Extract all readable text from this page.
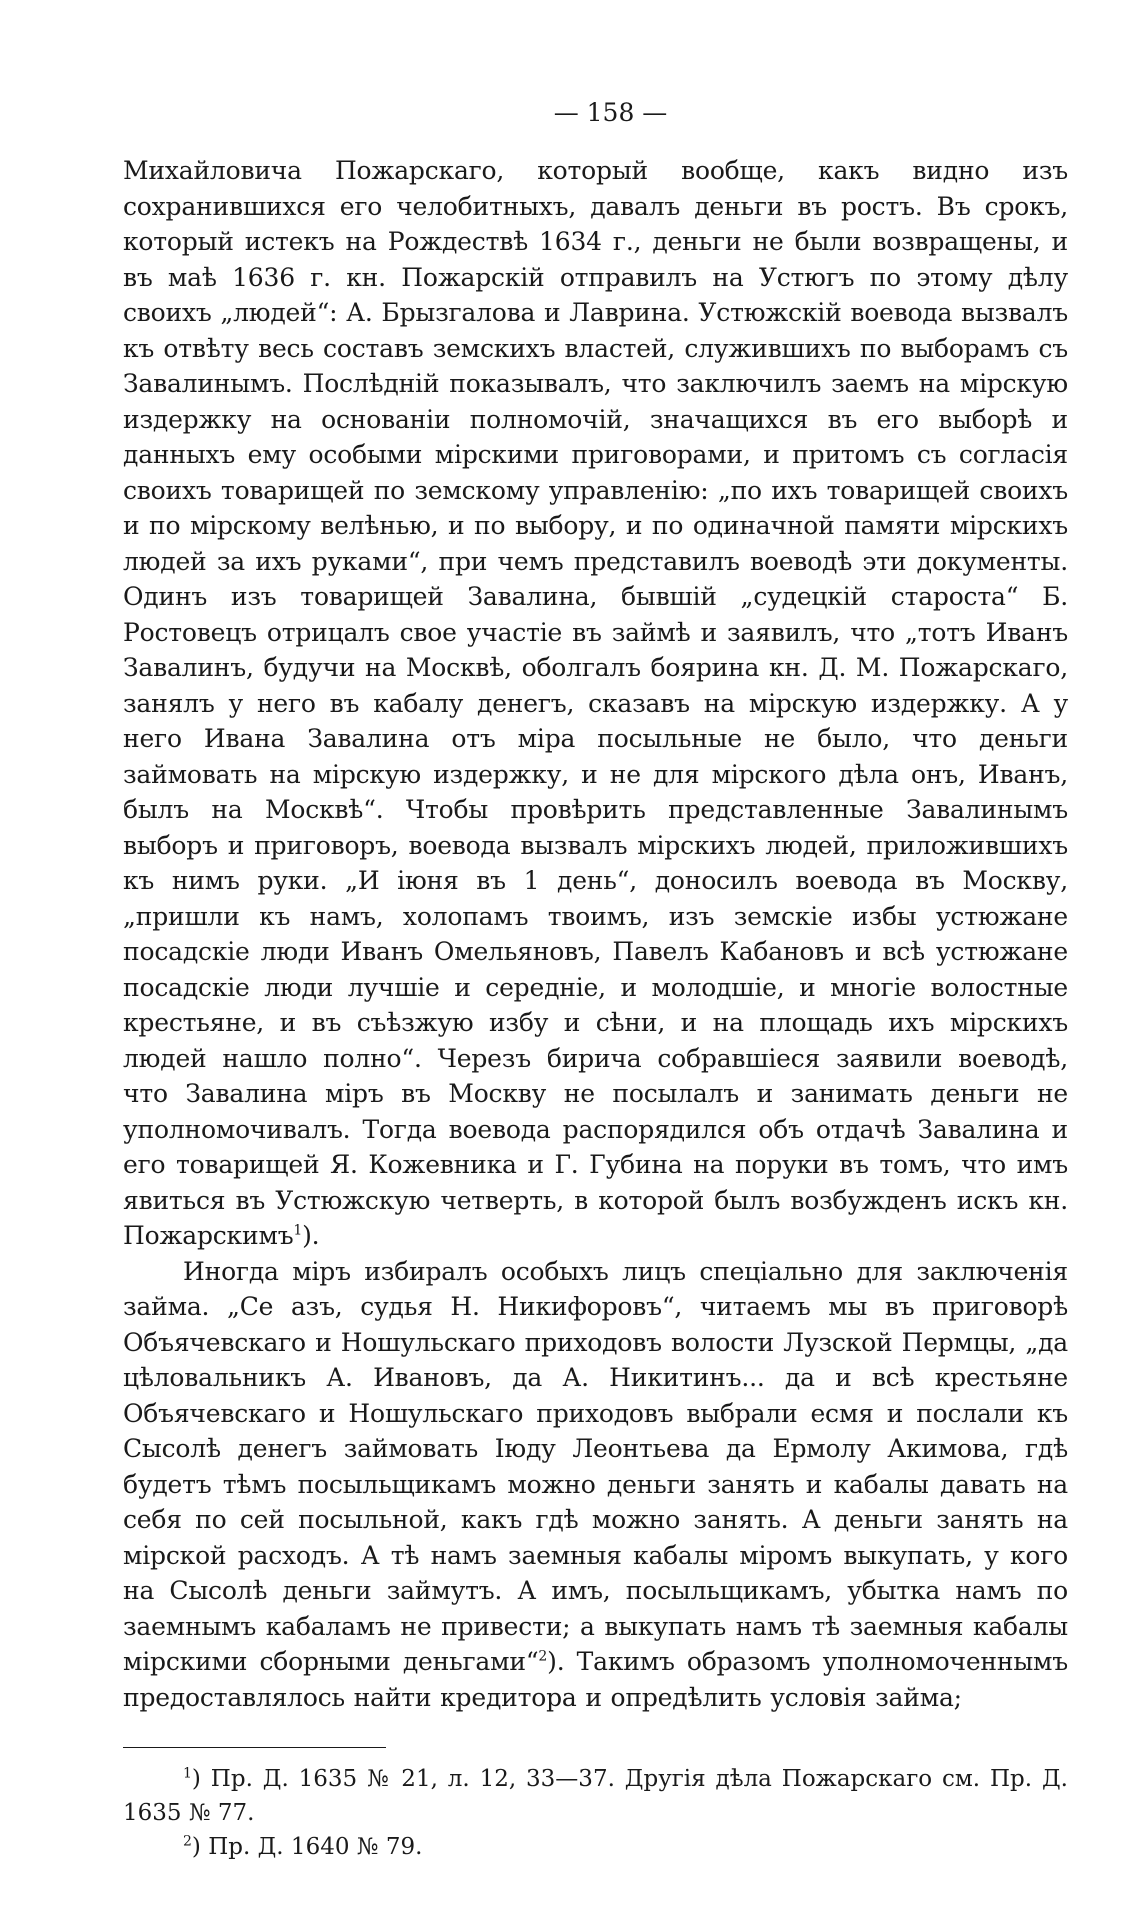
— 158 —

Михайловича Пожарскаго, который вообще, какъ видно изъ сохранившихся его челобитныхъ, давалъ деньги въ ростъ. Въ срокъ, который истекъ на Рождествѣ 1634 г., деньги не были возвращены, и въ маѣ 1636 г. кн. Пожарскій отправилъ на Устюгъ по этому дѣлу своихъ „людей“: А. Брызгалова и Лаврина. Устюжскій воевода вызвалъ къ отвѣту весь составъ земскихъ властей, служившихъ по выборамъ съ Завалинымъ. Послѣдній показывалъ, что заключилъ заемъ на мірскую издержку на основаніи полномочій, значащихся въ его выборѣ и данныхъ ему особыми мірскими приговорами, и притомъ съ согласія своихъ товарищей по земскому управленію: „по ихъ товарищей своихъ и по мірскому велѣнью, и по выбору, и по одиначной памяти мірскихъ людей за ихъ руками“, при чемъ представилъ воеводѣ эти документы. Одинъ изъ товарищей Завалина, бывшій „судецкій староста“ Б. Ростовецъ отрицалъ свое участіе въ займѣ и заявилъ, что „тотъ Иванъ Завалинъ, будучи на Москвѣ, оболгалъ боярина кн. Д. М. Пожарскаго, занялъ у него въ кабалу денегъ, сказавъ на мірскую издержку. А у него Ивана Завалина отъ міра посыльные не было, что деньги займовать на мірскую издержку, и не для мірского дѣла онъ, Иванъ, былъ на Москвѣ“. Чтобы провѣрить представленные Завалинымъ выборъ и приговоръ, воевода вызвалъ мірскихъ людей, приложившихъ къ нимъ руки. „И іюня въ 1 день“, доносилъ воевода въ Москву, „пришли къ намъ, холопамъ твоимъ, изъ земскіе избы устюжане посадскіе люди Иванъ Омельяновъ, Павелъ Кабановъ и всѣ устюжане посадскіе люди лучшіе и середніе, и молодшіе, и многіе волостные крестьяне, и въ съѣзжую избу и сѣни, и на площадь ихъ мірскихъ людей нашло полно“. Черезъ бирича собравшіеся заявили воеводѣ, что Завалина міръ въ Москву не посылалъ и занимать деньги не уполномочивалъ. Тогда воевода распорядился объ отдачѣ Завалина и его товарищей Я. Кожевника и Г. Губина на поруки въ томъ, что имъ явиться въ Устюжскую четверть, в которой былъ возбужденъ искъ кн. Пожарскимъ$^1$).

Иногда міръ избиралъ особыхъ лицъ спеціально для заключенія займа. „Се азъ, судья Н. Никифоровъ“, читаемъ мы въ приговорѣ Объячевскаго и Ношульскаго приходовъ волости Лузской Пермцы, „да цѣловальникъ А. Ивановъ, да А. Никитинъ... да и всѣ крестьяне Объячевскаго и Ношульскаго приходовъ выбрали есмя и послали къ Сысолѣ денегъ займовать Іюду Леонтьева да Ермолу Акимова, гдѣ будетъ тѣмъ посыльщикамъ можно деньги занять и кабалы давать на себя по сей посыльной, какъ гдѣ можно занять. А деньги занять на мірской расходъ. А тѣ намъ заемныя кабалы міромъ выкупать, у кого на Сысолѣ деньги займутъ. А имъ, посыльщикамъ, убытка намъ по заемнымъ кабаламъ не привести; а выкупать намъ тѣ заемныя кабалы мірскими сборными деньгами“$^2$). Такимъ образомъ уполномоченнымъ предоставлялось найти кредитора и опредѣлить условія займа;

$^1$) Пр. Д. 1635 № 21, л. 12, 33—37. Другія дѣла Пожарскаго см. Пр. Д. 1635 № 77.

$^2$) Пр. Д. 1640 № 79.
